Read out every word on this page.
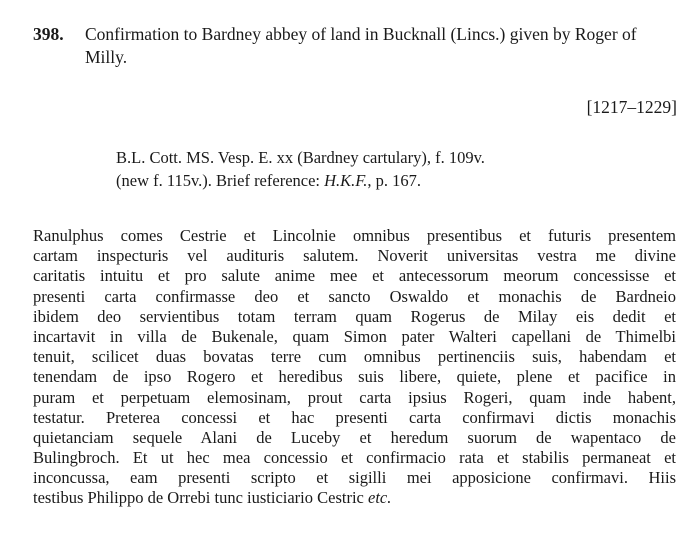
398. Confirmation to Bardney abbey of land in Bucknall (Lincs.) given by Roger of Milly.
[1217–1229]
B.L. Cott. MS. Vesp. E. xx (Bardney cartulary), f. 109v.
(new f. 115v.). Brief reference: H.K.F., p. 167.
Ranulphus comes Cestrie et Lincolnie omnibus presentibus et futuris presentem
cartam inspecturis vel audituris salutem. Noverit universitas vestra me divine
caritatis intuitu et pro salute anime mee et antecessorum meorum concessisse et
presenti carta confirmasse deo et sancto Oswaldo et monachis de Bardneio
ibidem deo servientibus totam terram quam Rogerus de Milay eis dedit et
incartavit in villa de Bukenale, quam Simon pater Walteri capellani de Thimelbi
tenuit, scilicet duas bovatas terre cum omnibus pertinenciis suis, habendam et
tenendam de ipso Rogero et heredibus suis libere, quiete, plene et pacifice in
puram et perpetuam elemosinam, prout carta ipsius Rogeri, quam inde habent,
testatur. Preterea concessi et hac presenti carta confirmavi dictis monachis
quietanciam sequele Alani de Luceby et heredum suorum de wapentaco de
Bulingbroch. Et ut hec mea concessio et confirmacio rata et stabilis permaneat et
inconcussa, eam presenti scripto et sigilli mei apposicione confirmavi. Hiis
testibus Philippo de Orrebi tunc iusticiario Cestric etc.
